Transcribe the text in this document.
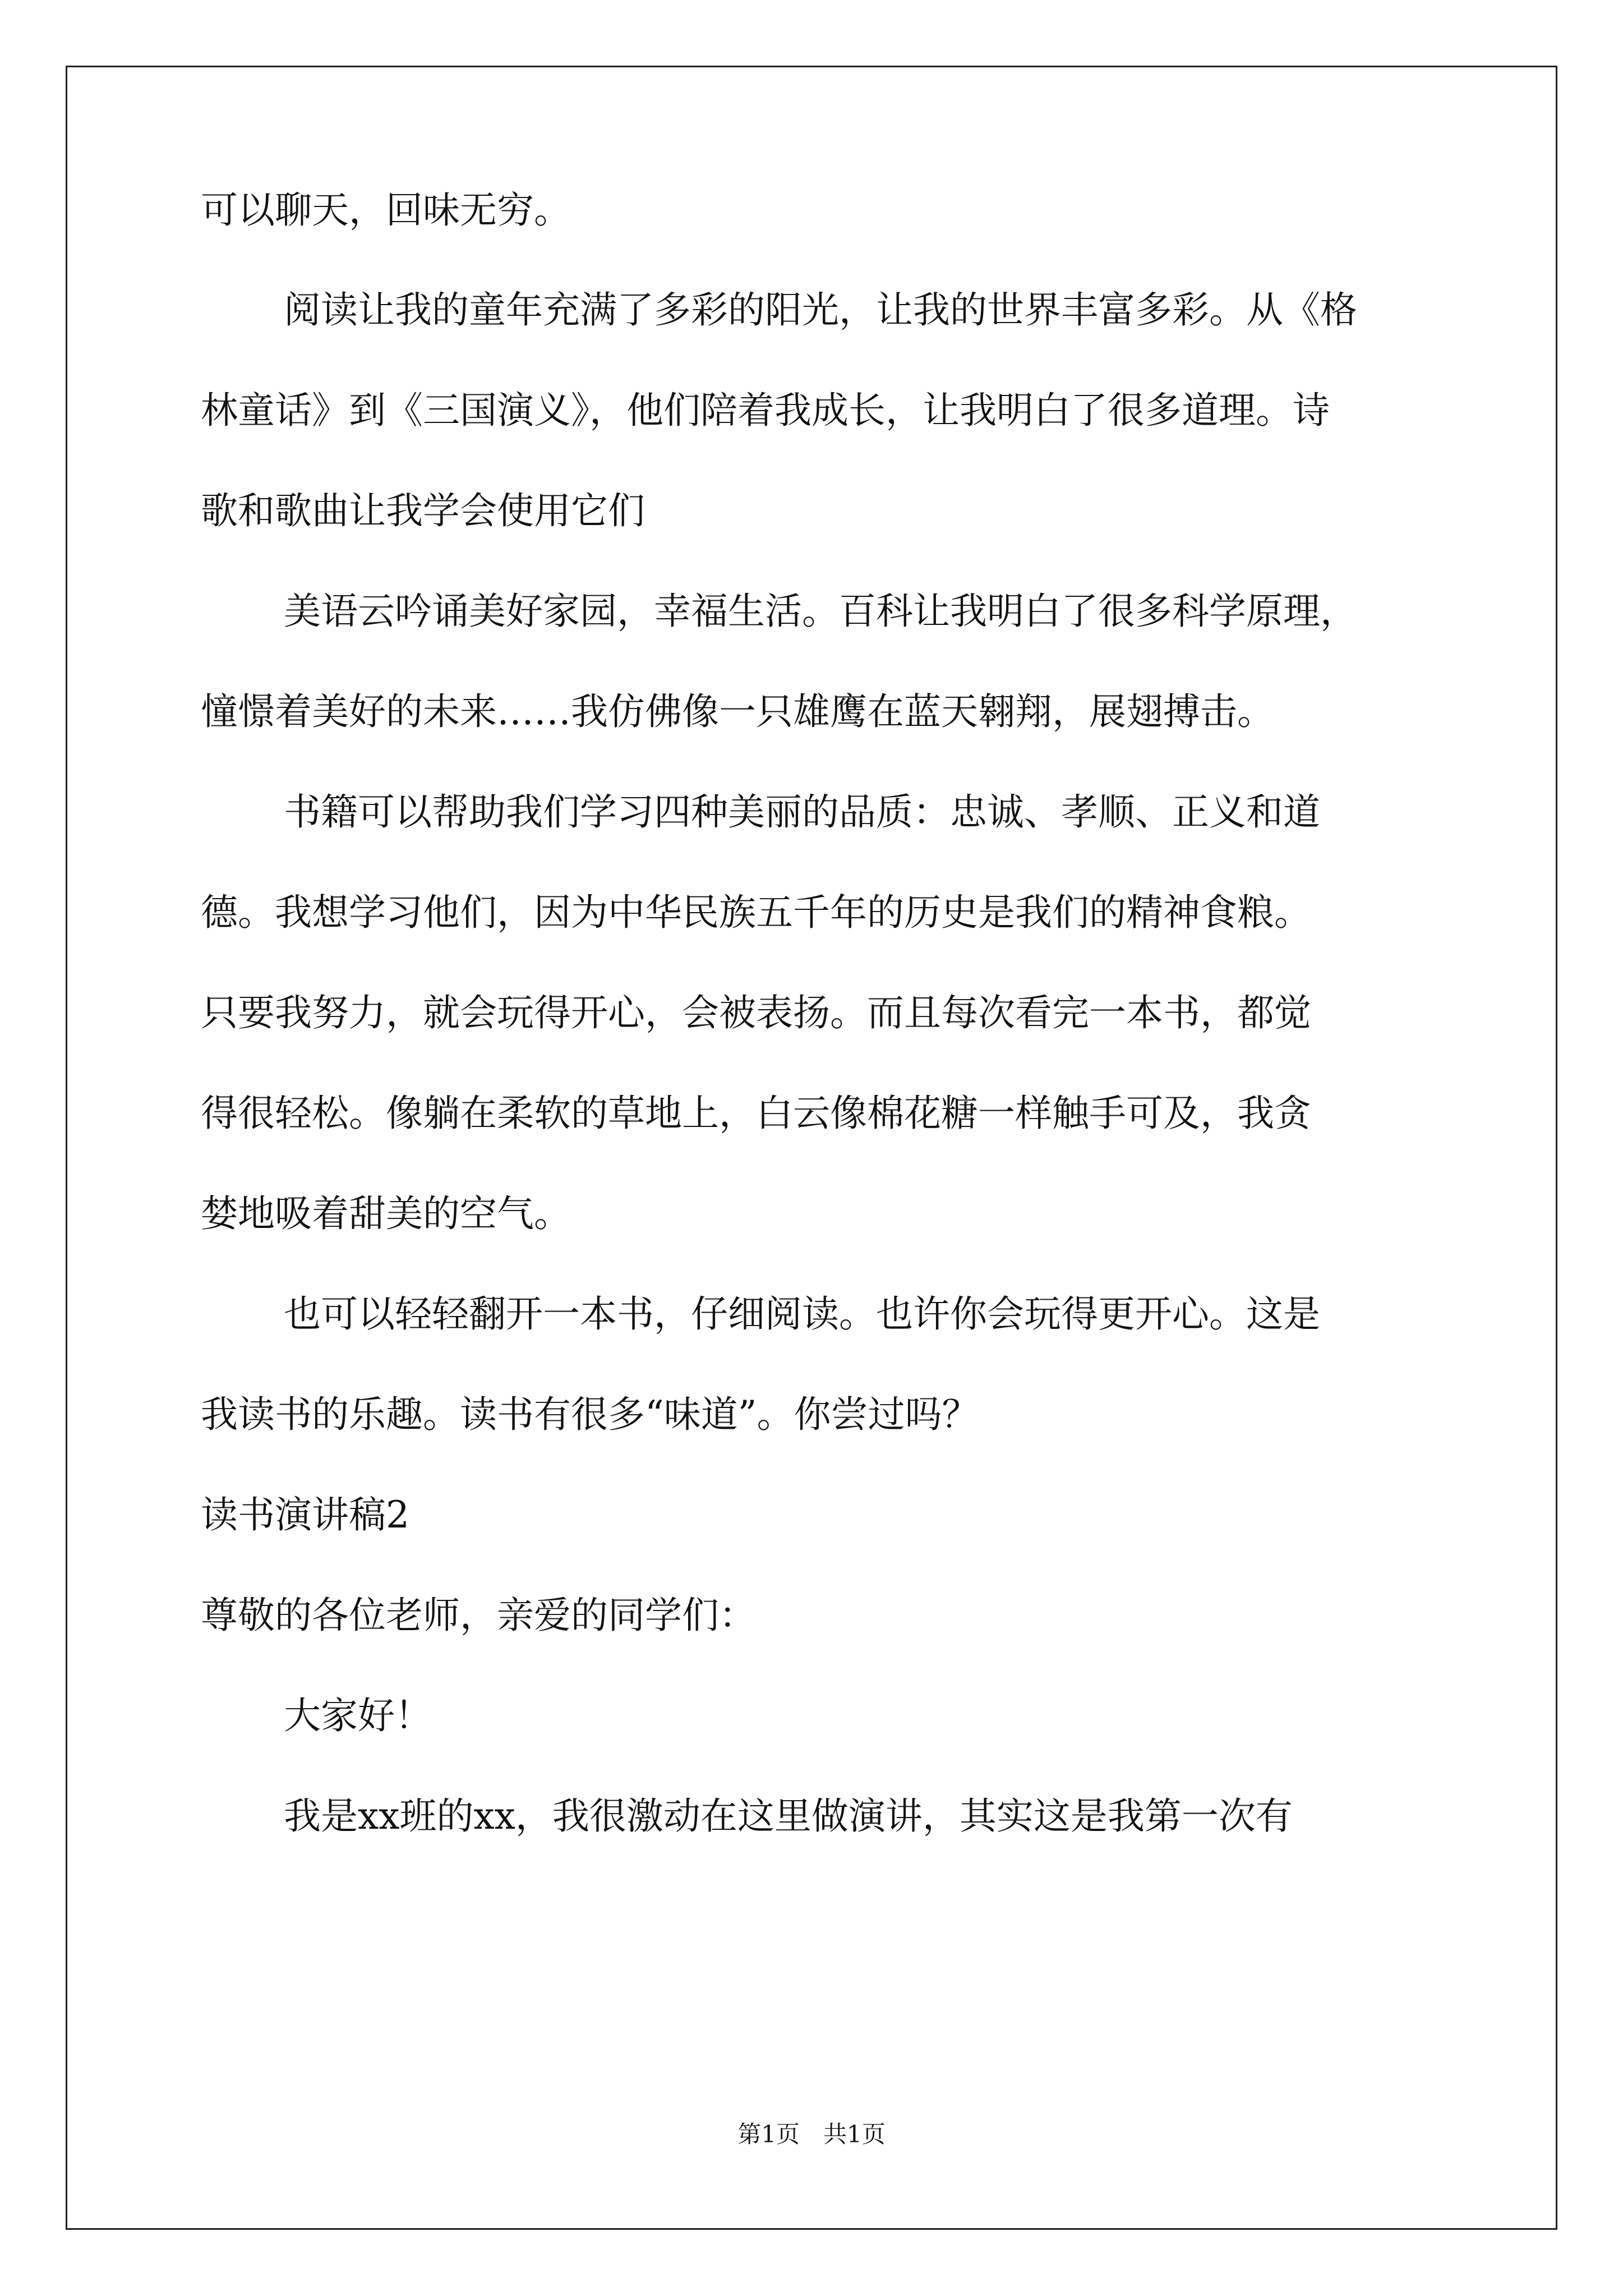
可以聊天，回味无穷。
阅读让我的童年充满了多彩的阳光，让我的世界丰富多彩。从《格
林童话》到《三国演义》，他们陪着我成长，让我明白了很多道理。诗
歌和歌曲让我学会使用它们
美语云吟诵美好家园，幸福生活。百科让我明白了很多科学原理，
憧憬着美好的未来……我仿佛像一只雄鹰在蓝天翱翔，展翅搏击。
书籍可以帮助我们学习四种美丽的品质：忠诚、孝顺、正义和道
德。我想学习他们，因为中华民族五千年的历史是我们的精神食粮。
只要我努力，就会玩得开心，会被表扬。而且每次看完一本书，都觉
得很轻松。像躺在柔软的草地上，白云像棉花糖一样触手可及，我贪
婪地吸着甜美的空气。
也可以轻轻翻开一本书，仔细阅读。也许你会玩得更开心。这是
我读书的乐趣。读书有很多“味道”。你尝过吗？
读书演讲稿2
尊敬的各位老师，亲爱的同学们：
大家好！
我是xx班的xx，我很激动在这里做演讲，其实这是我第一次有
第1页　共1页
